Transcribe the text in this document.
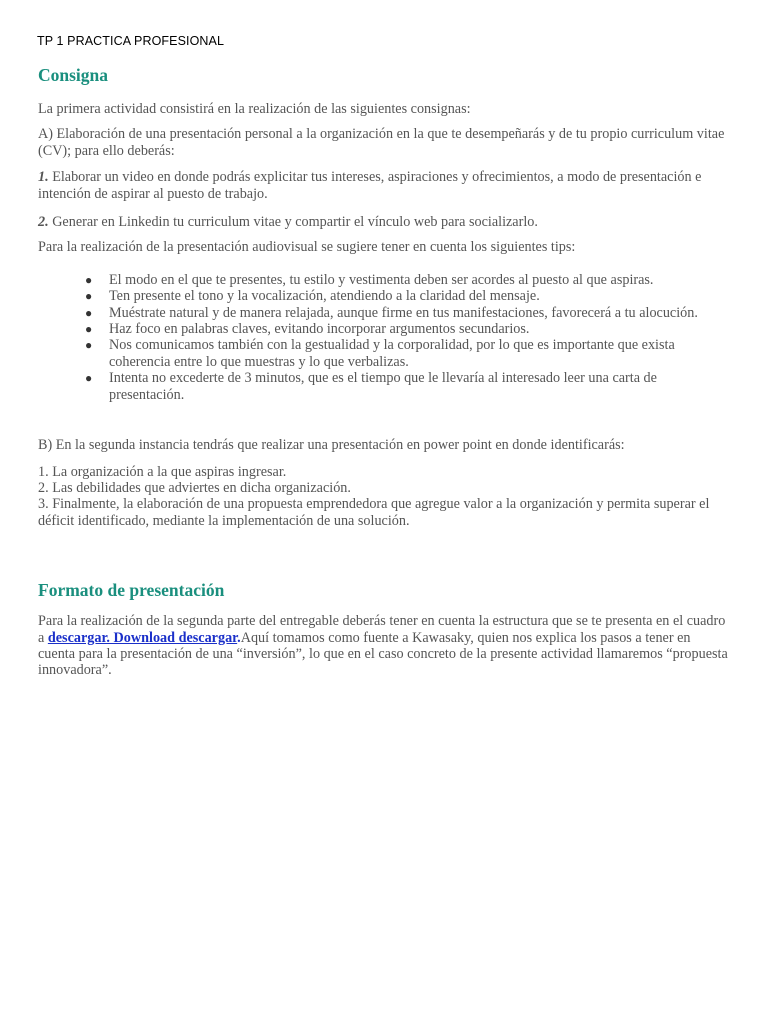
TP 1 PRACTICA PROFESIONAL
Consigna

La primera actividad consistirá en la realización de las siguientes consignas:

A) Elaboración de una presentación personal a la organización en la que te desempeñarás y de tu propio curriculum vitae (CV); para ello deberás:

1. Elaborar un video en donde podrás explicitar tus intereses, aspiraciones y ofrecimientos, a modo de presentación e intención de aspirar al puesto de trabajo.

2. Generar en Linkedin tu curriculum vitae y compartir el vínculo web para socializarlo.

Para la realización de la presentación audiovisual se sugiere tener en cuenta los siguientes tips:

● El modo en el que te presentes, tu estilo y vestimenta deben ser acordes al puesto al que aspiras.
● Ten presente el tono y la vocalización, atendiendo a la claridad del mensaje.
● Muéstrate natural y de manera relajada, aunque firme en tus manifestaciones, favorecerá a tu alocución.
● Haz foco en palabras claves, evitando incorporar argumentos secundarios.
● Nos comunicamos también con la gestualidad y la corporalidad, por lo que es importante que exista coherencia entre lo que muestras y lo que verbalizas.
● Intenta no excederte de 3 minutos, que es el tiempo que le llevaría al interesado leer una carta de presentación.

B) En la segunda instancia tendrás que realizar una presentación en power point en donde identificarás:

1. La organización a la que aspiras ingresar.

2. Las debilidades que adviertes en dicha organización.

3. Finalmente, la elaboración de una propuesta emprendedora que agregue valor a la organización y permita superar el déficit identificado, mediante la implementación de una solución.

Formato de presentación

Para la realización de la segunda parte del entregable deberás tener en cuenta la estructura que se te presenta en el cuadro a descargar. Download descargar.Aquí tomamos como fuente a Kawasaky, quien nos explica los pasos a tener en cuenta para la presentación de una “inversión”, lo que en el caso concreto de la presente actividad llamaremos “propuesta innovadora”.
